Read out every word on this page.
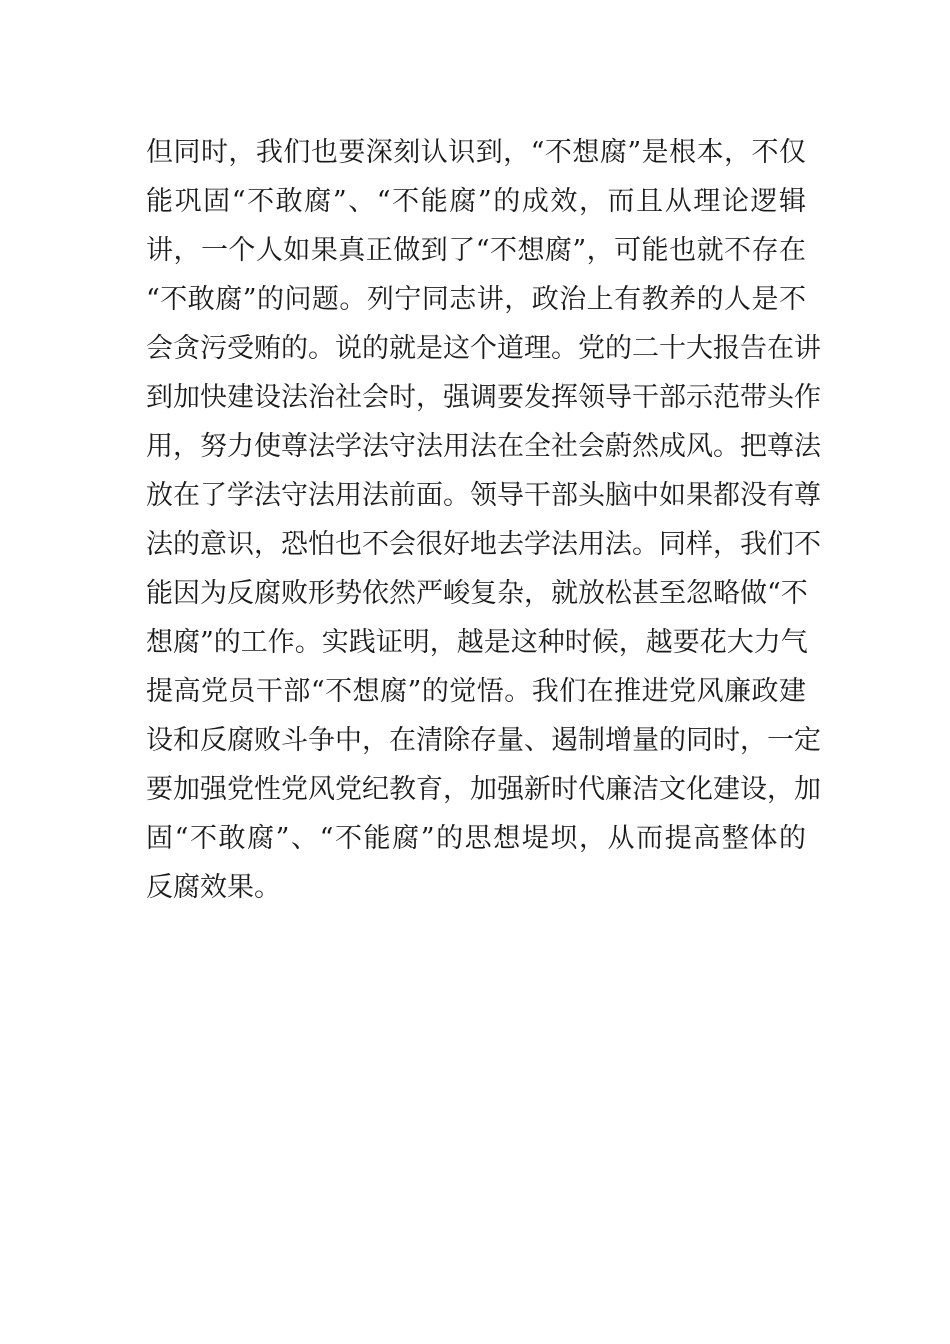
但同时，我们也要深刻认识到，“不想腐”是根本，不仅
能巩固“不敢腐”、“不能腐”的成效，而且从理论逻辑
讲，一个人如果真正做到了“不想腐”，可能也就不存在
“不敢腐”的问题。列宁同志讲，政治上有教养的人是不
会贪污受贿的。说的就是这个道理。党的二十大报告在讲
到加快建设法治社会时，强调要发挥领导干部示范带头作
用，努力使尊法学法守法用法在全社会蔚然成风。把尊法
放在了学法守法用法前面。领导干部头脑中如果都没有尊
法的意识，恐怕也不会很好地去学法用法。同样，我们不
能因为反腐败形势依然严峻复杂，就放松甚至忽略做“不
想腐”的工作。实践证明，越是这种时候，越要花大力气
提高党员干部“不想腐”的觉悟。我们在推进党风廉政建
设和反腐败斗争中，在清除存量、遏制增量的同时，一定
要加强党性党风党纪教育，加强新时代廉洁文化建设，加
固“不敢腐”、“不能腐”的思想堤坝，从而提高整体的
反腐效果。
